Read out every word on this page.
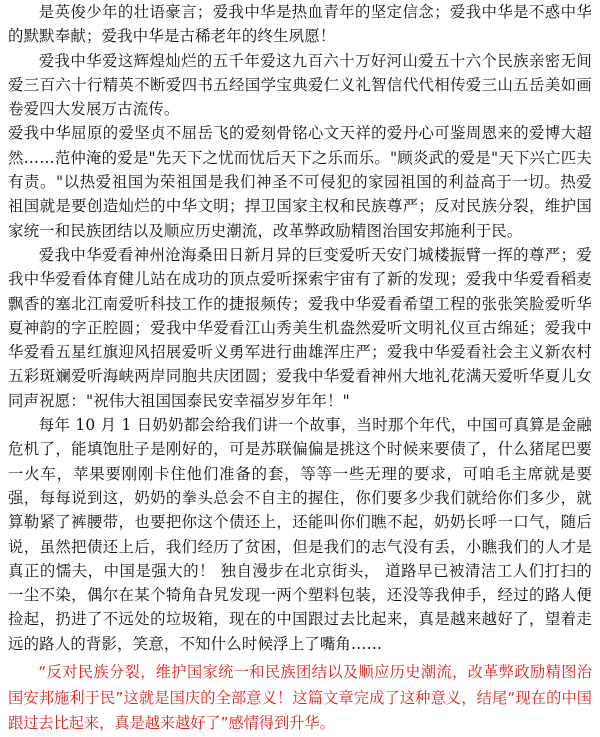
是英俊少年的壮语豪言；爱我中华是热血青年的坚定信念；爱我中华是不惑中华的默默奉献；爱我中华是古稀老年的终生夙愿！

爱我中华爱这辉煌灿烂的五千年爱这九百六十万好河山爱五十六个民族亲密无间爱三百六十行精英不断爱四书五经国学宝典爱仁义礼智信代代相传爱三山五岳美如画卷爱四大发展万古流传。

爱我中华屈原的爱坚贞不屈岳飞的爱刻骨铭心文天祥的爱丹心可鉴周恩来的爱博大超然……范仲淹的爱是"先天下之忧而忧后天下之乐而乐。"顾炎武的爱是"天下兴亡匹夫有责。"以热爱祖国为荣祖国是我们神圣不可侵犯的家园祖国的利益高于一切。热爱祖国就是要创造灿烂的中华文明；捍卫国家主权和民族尊严；反对民族分裂，维护国家统一和民族团结以及顺应历史潮流，改革弊政励精图治国安邦施利于民。

爱我中华爱看神州沧海桑田日新月异的巨变爱听天安门城楼振臂一挥的尊严；爱我中华爱看体育健儿站在成功的顶点爱听探索宇宙有了新的发现；爱我中华爱看稻麦飘香的塞北江南爱听科技工作的捷报频传；爱我中华爱看希望工程的张张笑脸爱听华夏神韵的字正腔圆；爱我中华爱看江山秀美生机盎然爱听文明礼仪亘古绵延；爱我中华爱看五星红旗迎风招展爱听义勇军进行曲雄浑庄严；爱我中华爱看社会主义新农村五彩斑斓爱听海峡两岸同胞共庆团圆；爱我中华爱看神州大地礼花满天爱听华夏儿女同声祝愿："祝伟大祖国国泰民安幸福岁岁年年！"

每年 10 月 1 日奶奶都会给我们讲一个故事，当时那个年代，中国可真算是金融危机了，能填饱肚子是刚好的，可是苏联偏偏是挑这个时候来要债了，什么猪尾巴要一火车，苹果要刚刚卡住他们准备的套，等等一些无理的要求，可咱毛主席就是要强，每每说到这，奶奶的拳头总会不自主的握住，你们要多少我们就给你们多少，就算勒紧了裤腰带，也要把你这个债还上，还能叫你们瞧不起，奶奶长呼一口气，随后说，虽然把债还上后，我们经历了贫困，但是我们的志气没有丢，小瞧我们的人才是真正的懦夫，中国是强大的！ 独自漫步在北京街头， 道路早已被清洁工人们打扫的一尘不染，偶尔在某个犄角旮旯发现一两个塑料包装，还没等我伸手，经过的路人便捡起，扔进了不远处的垃圾箱，现在的中国跟过去比起来，真是越来越好了，望着走远的路人的背影，笑意，不知什么时候浮上了嘴角……

“反对民族分裂，维护国家统一和民族团结以及顺应历史潮流，改革弊政励精图治国安邦施利于民”这就是国庆的全部意义！这篇文章完成了这种意义，结尾“现在的中国跟过去比起来，真是越来越好了”感情得到升华。
